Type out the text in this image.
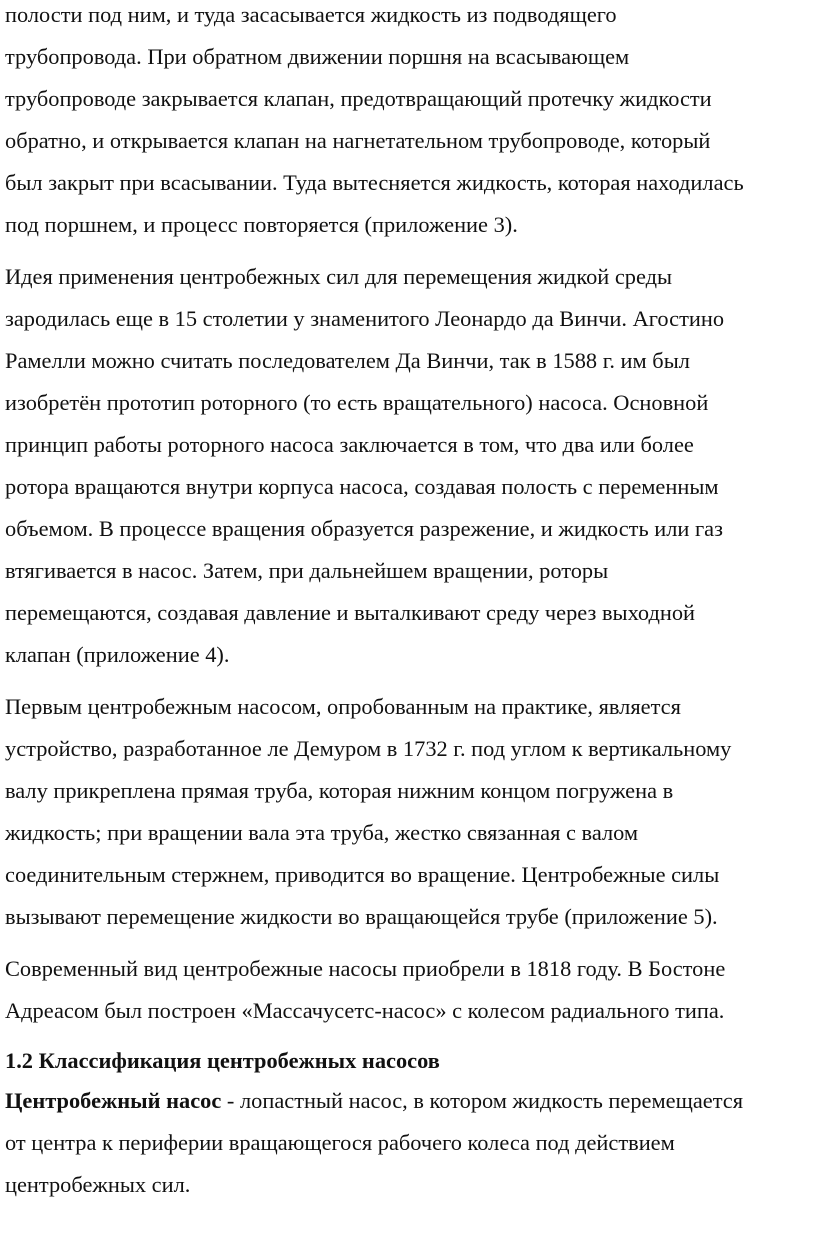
полости под ним, и туда засасывается жидкость из подводящего
трубопровода. При обратном движении поршня на всасывающем
трубопроводе закрывается клапан, предотвращающий протечку жидкости
обратно, и открывается клапан на нагнетательном трубопроводе, который
был закрыт при всасывании. Туда вытесняется жидкость, которая находилась
под поршнем, и процесс повторяется (приложение 3).

Идея применения центробежных сил для перемещения жидкой среды
зародилась еще в 15 столетии у знаменитого Леонардо да Винчи. Агостино
Рамелли можно считать последователем Да Винчи, так в 1588 г. им был
изобретён прототип роторного (то есть вращательного) насоса. Основной
принцип работы роторного насоса заключается в том, что два или более
ротора вращаются внутри корпуса насоса, создавая полость с переменным
объемом. В процессе вращения образуется разрежение, и жидкость или газ
втягивается в насос. Затем, при дальнейшем вращении, роторы
перемещаются, создавая давление и выталкивают среду через выходной
клапан (приложение 4).

Первым центробежным насосом, опробованным на практике, является
устройство, разработанное ле Демуром в 1732 г. под углом к вертикальному
валу прикреплена прямая труба, которая нижним концом погружена в
жидкость; при вращении вала эта труба, жестко связанная с валом
соединительным стержнем, приводится во вращение. Центробежные силы
вызывают перемещение жидкости во вращающейся трубе (приложение 5).

Современный вид центробежные насосы приобрели в 1818 году. В Бостоне
Адреасом был построен «Массачусетс-насос» с колесом радиального типа.

1.2 Классификация центробежных насосов

Центробежный насос - лопастный насос, в котором жидкость перемещается
от центра к периферии вращающегося рабочего колеса под действием
центробежных сил.
